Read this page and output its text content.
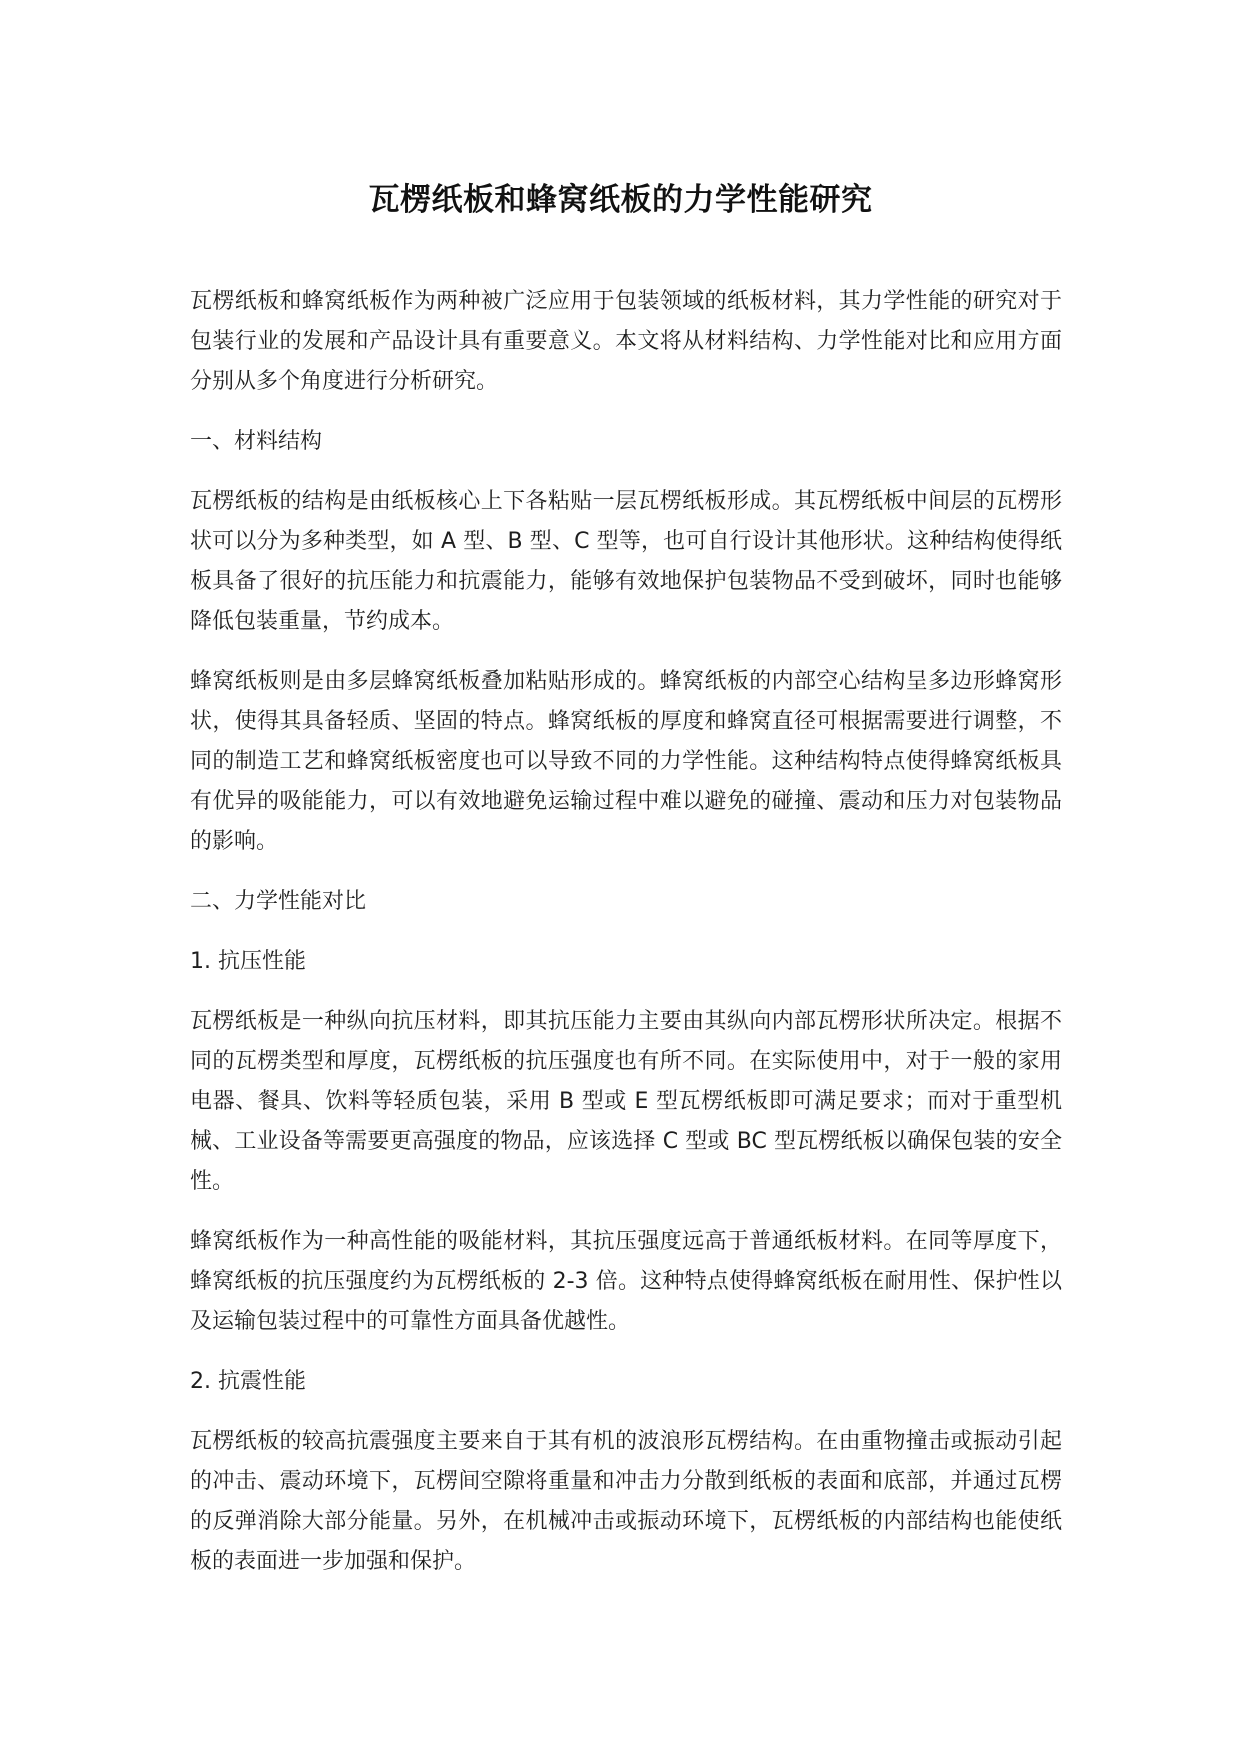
瓦楞纸板和蜂窝纸板的力学性能研究

瓦楞纸板和蜂窝纸板作为两种被广泛应用于包装领域的纸板材料，其力学性能的研究对于包装行业的发展和产品设计具有重要意义。本文将从材料结构、力学性能对比和应用方面分别从多个角度进行分析研究。

一、材料结构

瓦楞纸板的结构是由纸板核心上下各粘贴一层瓦楞纸板形成。其瓦楞纸板中间层的瓦楞形状可以分为多种类型，如 A 型、B 型、C 型等，也可自行设计其他形状。这种结构使得纸板具备了很好的抗压能力和抗震能力，能够有效地保护包装物品不受到破坏，同时也能够降低包装重量，节约成本。

蜂窝纸板则是由多层蜂窝纸板叠加粘贴形成的。蜂窝纸板的内部空心结构呈多边形蜂窝形状，使得其具备轻质、坚固的特点。蜂窝纸板的厚度和蜂窝直径可根据需要进行调整，不同的制造工艺和蜂窝纸板密度也可以导致不同的力学性能。这种结构特点使得蜂窝纸板具有优异的吸能能力，可以有效地避免运输过程中难以避免的碰撞、震动和压力对包装物品的影响。

二、力学性能对比

1. 抗压性能

瓦楞纸板是一种纵向抗压材料，即其抗压能力主要由其纵向内部瓦楞形状所决定。根据不同的瓦楞类型和厚度，瓦楞纸板的抗压强度也有所不同。在实际使用中，对于一般的家用电器、餐具、饮料等轻质包装，采用 B 型或 E 型瓦楞纸板即可满足要求；而对于重型机械、工业设备等需要更高强度的物品，应该选择 C 型或 BC 型瓦楞纸板以确保包装的安全性。

蜂窝纸板作为一种高性能的吸能材料，其抗压强度远高于普通纸板材料。在同等厚度下，蜂窝纸板的抗压强度约为瓦楞纸板的 2-3 倍。这种特点使得蜂窝纸板在耐用性、保护性以及运输包装过程中的可靠性方面具备优越性。

2. 抗震性能

瓦楞纸板的较高抗震强度主要来自于其有机的波浪形瓦楞结构。在由重物撞击或振动引起的冲击、震动环境下，瓦楞间空隙将重量和冲击力分散到纸板的表面和底部，并通过瓦楞的反弹消除大部分能量。另外，在机械冲击或振动环境下，瓦楞纸板的内部结构也能使纸板的表面进一步加强和保护。
